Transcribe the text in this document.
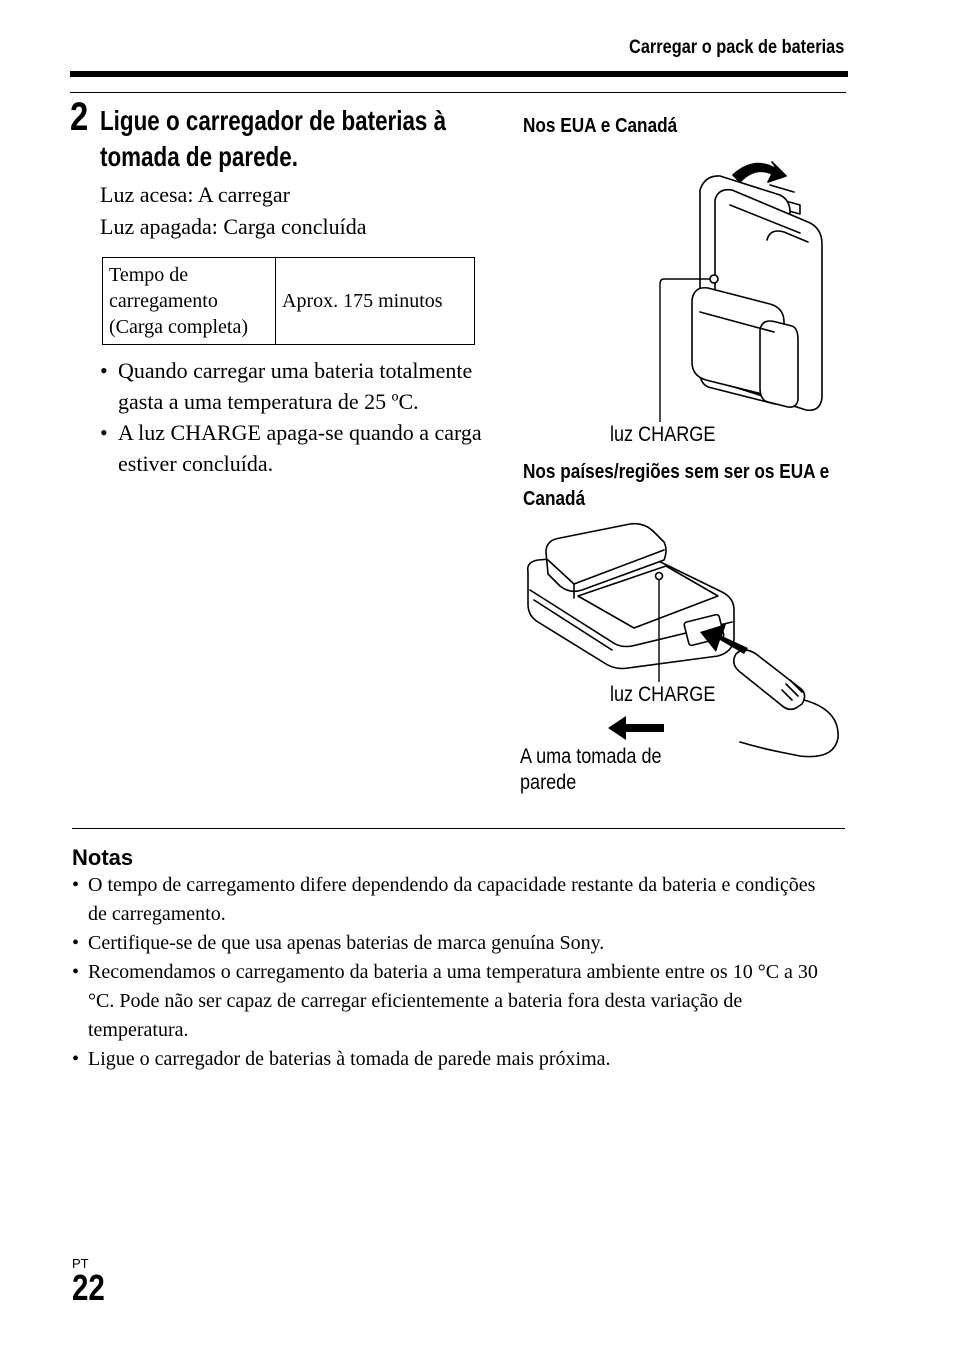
Carregar o pack de baterias
2 Ligue o carregador de baterias à tomada de parede.
Luz acesa: A carregar
Luz apagada: Carga concluída
Tempo de carregamento (Carga completa)	Aprox. 175 minutos
• Quando carregar uma bateria totalmente gasta a uma temperatura de 25 ºC.
• A luz CHARGE apaga-se quando a carga estiver concluída.
Nos EUA e Canadá
luz CHARGE
Nos países/regiões sem ser os EUA e Canadá
luz CHARGE
A uma tomada de parede
Notas
• O tempo de carregamento difere dependendo da capacidade restante da bateria e condições de carregamento.
• Certifique-se de que usa apenas baterias de marca genuína Sony.
• Recomendamos o carregamento da bateria a uma temperatura ambiente entre os 10 °C a 30 °C. Pode não ser capaz de carregar eficientemente a bateria fora desta variação de temperatura.
• Ligue o carregador de baterias à tomada de parede mais próxima.
PT
22
